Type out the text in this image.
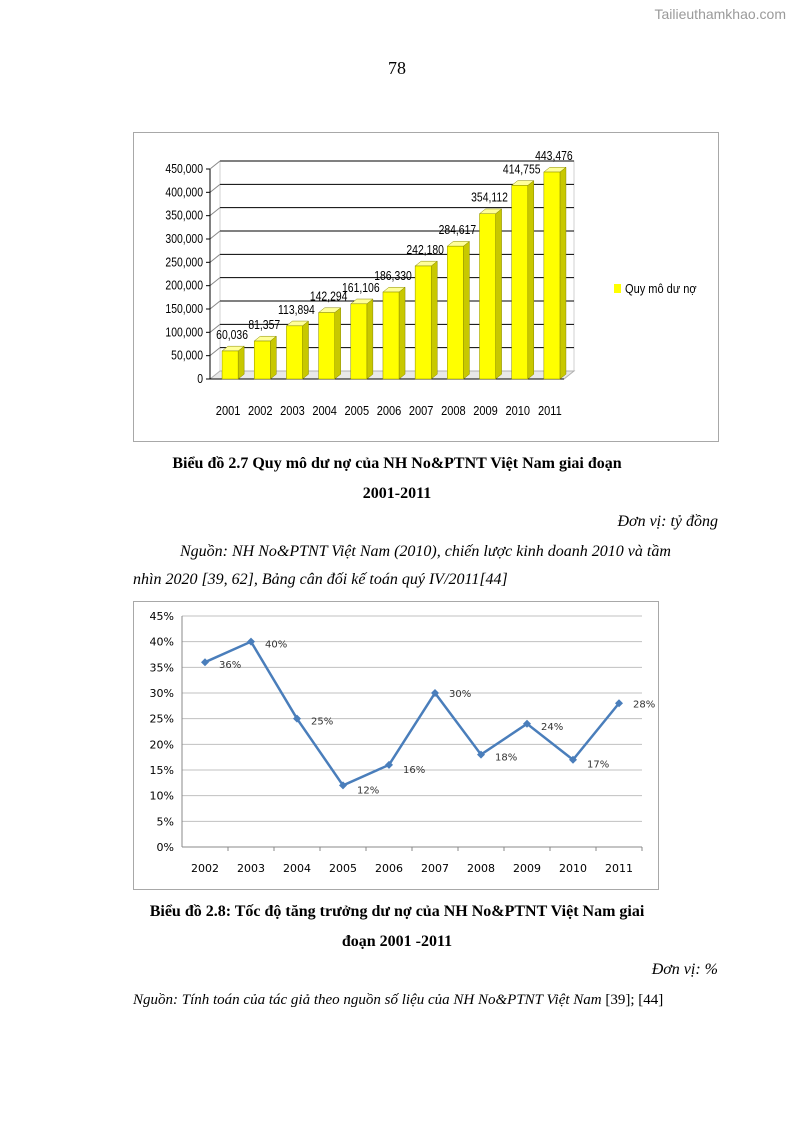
Tailieuthamkhao.com
78
0
50,000
100,000
150,000
200,000
250,000
300,000
350,000
400,000
450,000
60,036
2001
81,357
2002
113,894
2003
142,294
2004
161,106
2005
186,330
2006
242,180
2007
284,617
2008
354,112
2009
414,755
2010
443,476
2011
Quy mô dư nợ
Biểu đồ 2.7 Quy mô dư nợ của NH No&PTNT Việt Nam giai đoạn
2001-2011
Đơn vị: tỷ đồng
Nguồn: NH No&PTNT Việt Nam (2010), chiến lược kinh doanh 2010 và tầm
nhìn 2020 [39, 62], Bảng cân đối kế toán quý IV/2011[44]
0%
5%
10%
15%
20%
25%
30%
35%
40%
45%
2002 2003 2004 2005 2006 2007 2008 2009 2010 2011
36%
40%
25%
12%
16%
30%
18%
24%
17%
28%
Biểu đồ 2.8: Tốc độ tăng trưởng dư nợ của NH No&PTNT Việt Nam giai
đoạn 2001 -2011
Đơn vị: %
Nguồn: Tính toán của tác giả theo nguồn số liệu của NH No&PTNT Việt Nam [39]; [44]
